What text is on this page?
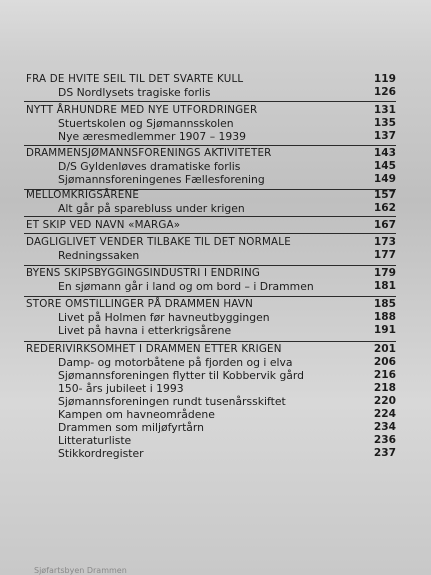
FRA DE HVITE SEIL TIL DET SVARTE KULL	119
DS Nordlysets tragiske forlis	126
NYTT ÅRHUNDRE MED NYE UTFORDRINGER	131
Stuertskolen og Sjømannsskolen	135
Nye æresmedlemmer 1907 – 1939	137
DRAMMENSJØMANNSFORENINGS AKTIVITETER	143
D/S Gyldenløves dramatiske forlis	145
Sjømannsforeningenes Fællesforening	149
MELLOMKRIGSÅRENE	157
Alt går på sparebluss under krigen	162
ET SKIP VED NAVN «MARGA»	167
DAGLIGLIVET VENDER TILBAKE TIL DET NORMALE	173
Redningssaken	177
BYENS SKIPSBYGGINGSINDUSTRI I ENDRING	179
En sjømann går i land og om bord – i Drammen	181
STORE OMSTILLINGER PÅ DRAMMEN HAVN	185
Livet på Holmen før havneutbyggingen	188
Livet på havna i etterkrigsårene	191
REDERIVIRKSOMHET I DRAMMEN ETTER KRIGEN	201
Damp- og motorbåtene på fjorden og i elva	206
Sjømannsforeningen flytter til Kobbervik gård	216
150- års jubileet i 1993	218
Sjømannsforeningen rundt tusenårsskiftet	220
Kampen om havneområdene	224
Drammen som miljøfyrtårn	234
Litteraturliste	236
Stikkordregister	237
Sjøfartsbyen Drammen
